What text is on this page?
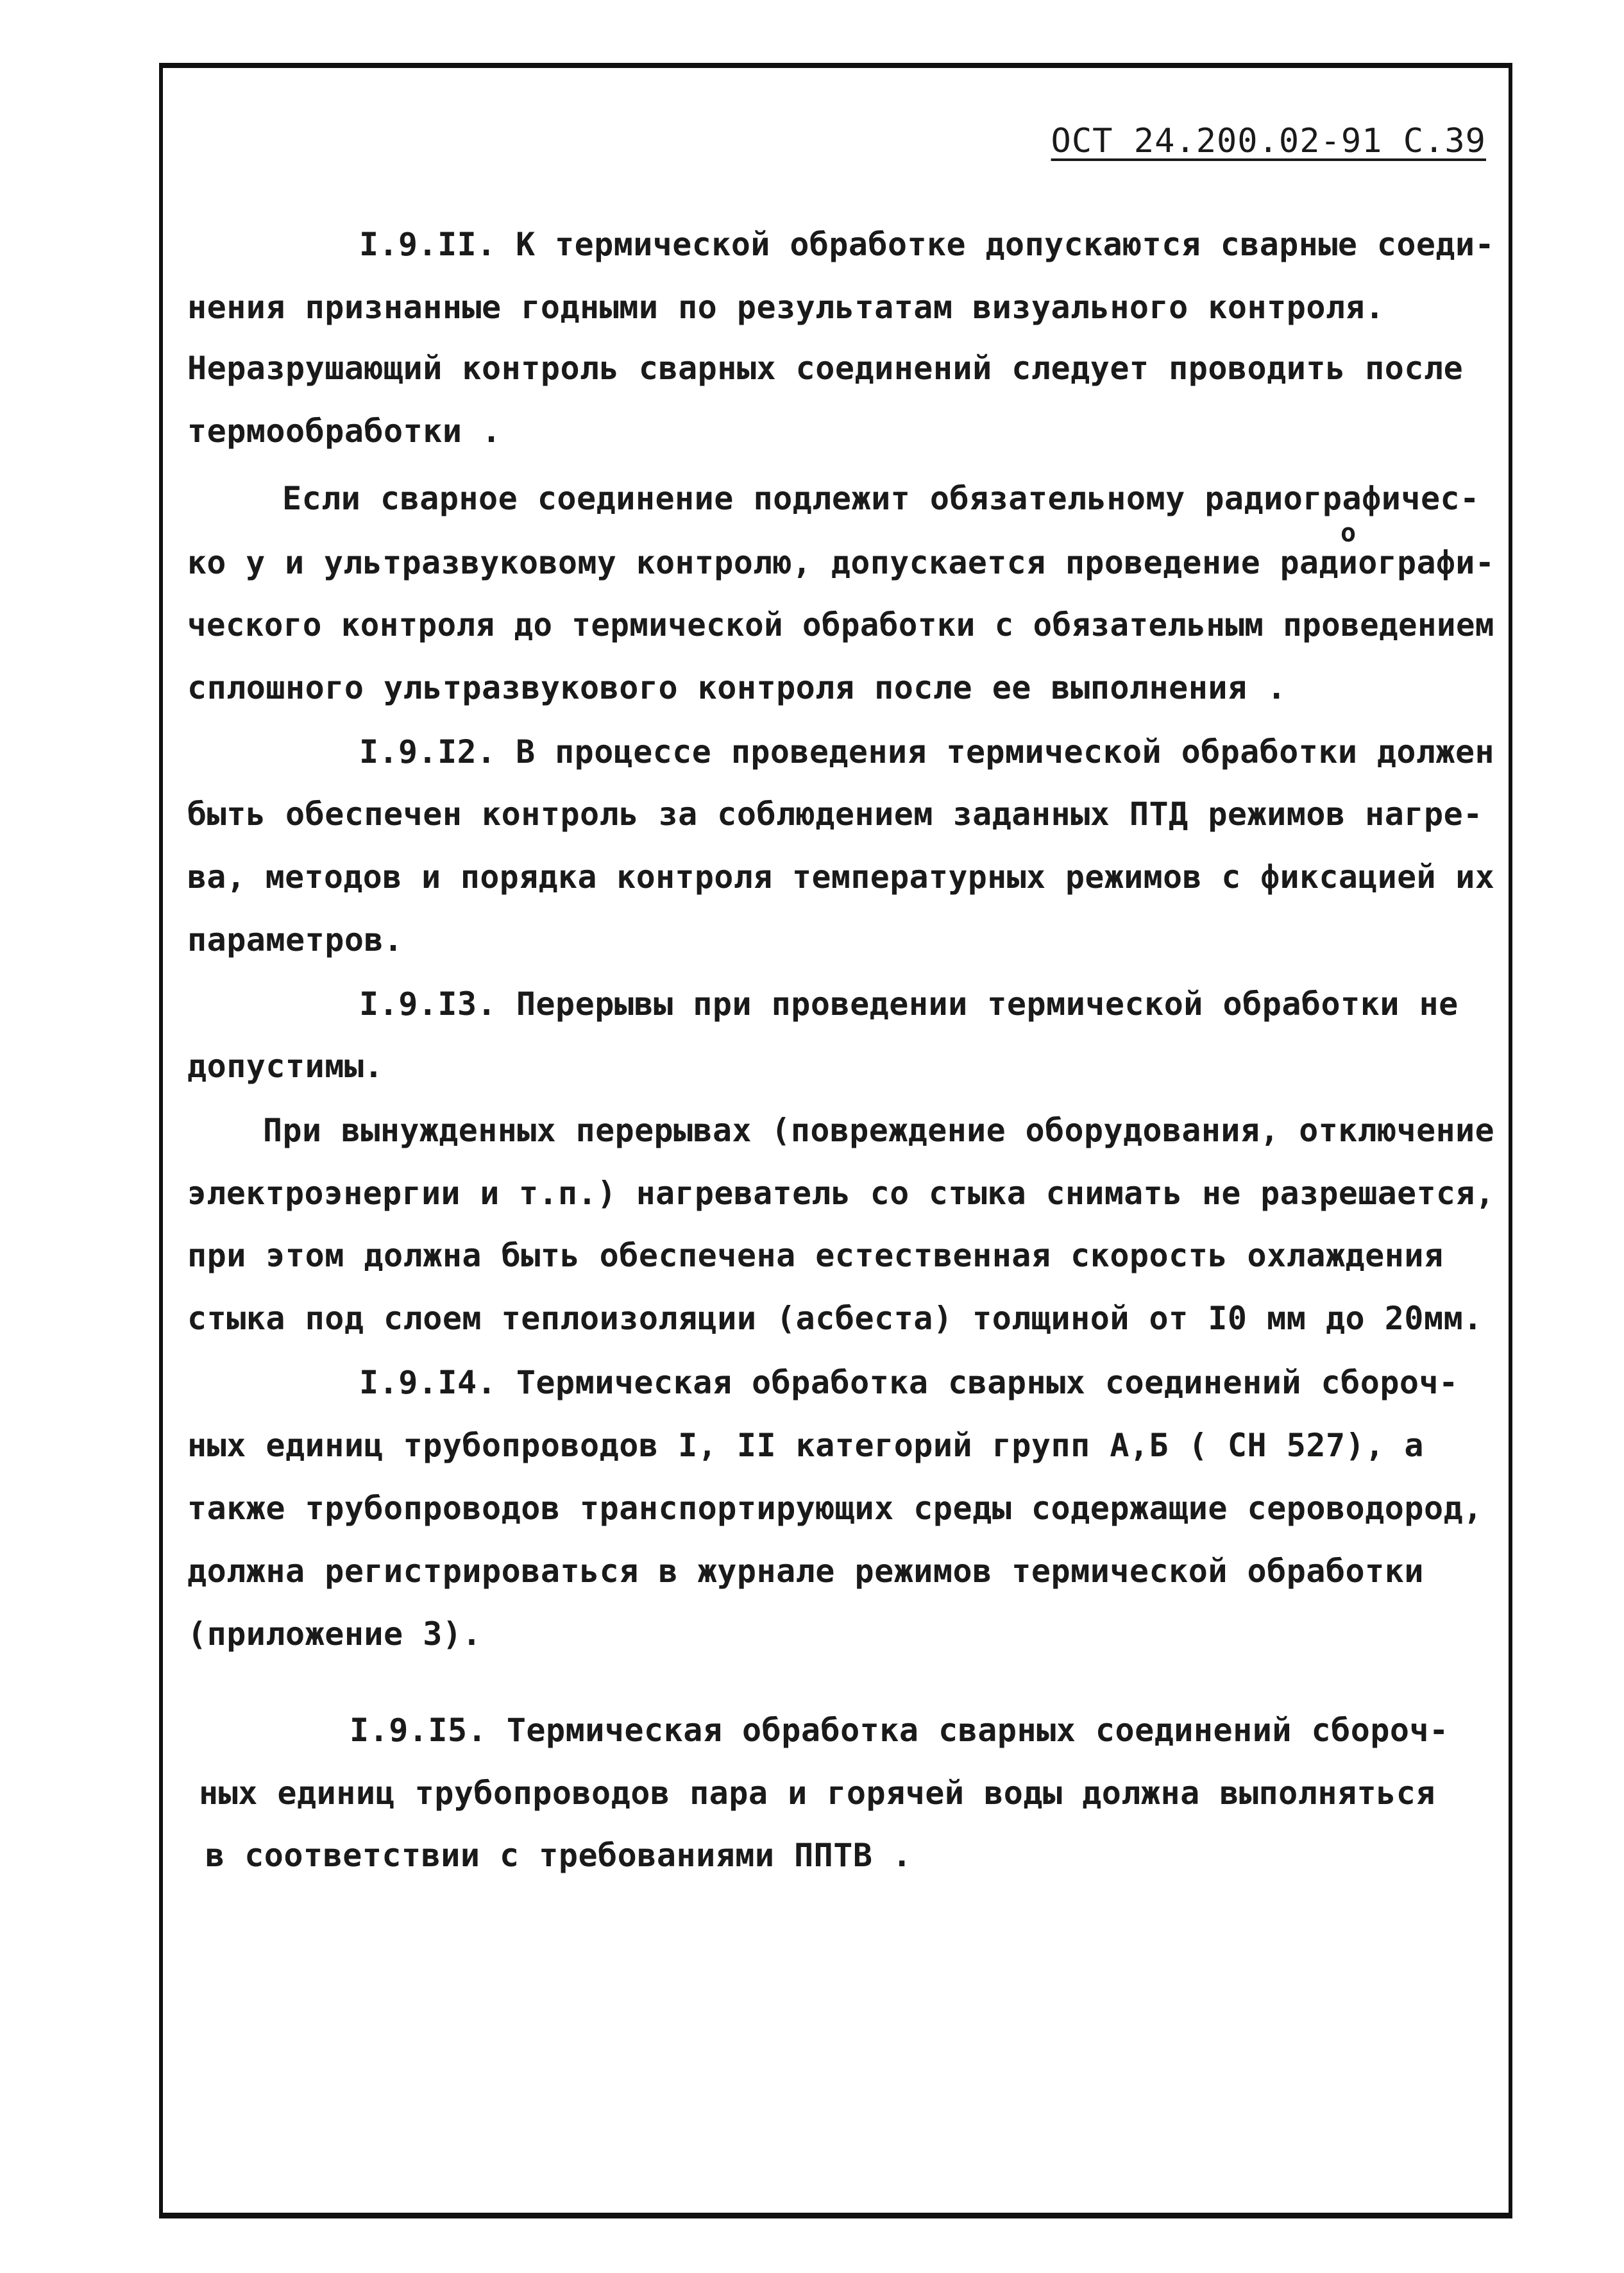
ОСТ 24.200.02-91 С.39
о
I.9.II. К термической обработке допускаются сварные соеди-
нения признанные годными по результатам визуального контроля.
Неразрушающий контроль сварных соединений следует проводить после
термообработки .
Если сварное соединение подлежит обязательному радиографичес-
ко у и ультразвуковому контролю, допускается проведение радиографи-
ческого контроля до термической обработки с обязательным проведением
сплошного ультразвукового контроля после ее выполнения .
I.9.I2. В процессе проведения термической обработки должен
быть обеспечен контроль за соблюдением заданных ПТД режимов нагре-
ва, методов и порядка контроля температурных режимов с фиксацией их
параметров.
I.9.I3. Перерывы при проведении термической обработки не
допустимы.
При вынужденных перерывах (повреждение оборудования, отключение
электроэнергии и т.п.) нагреватель со стыка снимать не разрешается,
при этом должна быть обеспечена естественная скорость охлаждения
стыка под слоем теплоизоляции (асбеста) толщиной от I0 мм до 20мм.
I.9.I4. Термическая обработка сварных соединений сбороч-
ных единиц трубопроводов I, II категорий групп А,Б ( СН 527), а
также трубопроводов транспортирующих среды содержащие сероводород,
должна регистрироваться в журнале режимов термической обработки
(приложение 3).
I.9.I5. Термическая обработка сварных соединений сбороч-
ных единиц трубопроводов пара и горячей воды должна выполняться
в соответствии с требованиями ППТВ .
